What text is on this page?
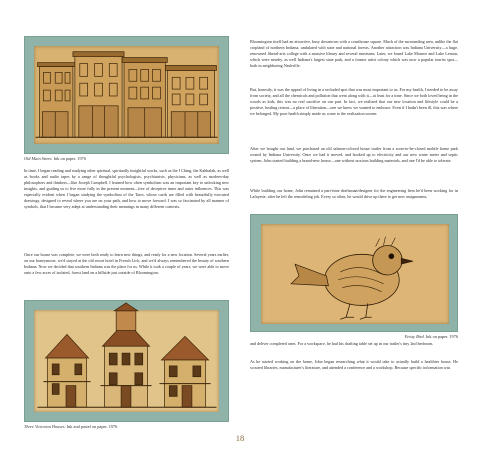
Old Main Street. Ink on paper. 1976

In time, I began reading and studying other spiritual, spiritually insightful works, such as the I Ching, the Kabbalah, as well as books and audio tapes by a range of thoughtful psychologists, psychiatrists, physicians, as well as modern-day philosophers and thinkers—like Joseph Campbell. I learned how often symbolism was an important key to unlocking new insights, and guiding us to live more fully in the present moment—free of deceptive inner and outer influences. This was especially evident when I began studying the symbolism of the Tarot, whose cards are filled with beautifully executed drawings, designed to reveal where you are on your path, and how to move forward. I was so fascinated by all manner of symbols, that I became very adept at understanding their meanings in many different contexts.

Once our house was complete, we were both ready to learn new things, and ready for a new location. Several years earlier, on our honeymoon, we'd stayed at the old resort hotel in French Lick, and we'd always remembered the beauty of southern Indiana. Now we decided that southern Indiana was the place for us. While it took a couple of years, we were able to move onto a few acres of isolated, forest land on a hillside just outside of Bloomington.

Three Victorian Houses. Ink and pastel on paper. 1976

Bloomington itself had an attractive, busy downtown with a courthouse square. Much of the surrounding area, unlike the flat cropland of northern Indiana, undulated with state and national forests. Another attraction was Indiana University—a huge, renowned liberal-arts college with a massive library and several museums. Later, we found Lake Monroe and Lake Lemon, which were nearby, as well Indiana's largest state park, and a former artist colony which was now a popular tourist spot—both in neighboring Nashville.

But, honestly, it was the appeal of living in a secluded spot that was most important to us. For my health, I needed to be away from society, and all the chemicals and pollution that went along with it—at least for a time. Since we both loved being in the woods as kids, this was no real sacrifice on our part. In fact, we realized that our new location and lifestyle could be a positive, healing retreat—a place of liberation—one we knew we wanted to embrace. Even if I hadn't been ill, this was where we belonged. My poor health simply made us come to the realization sooner.

After we bought our land, we purchased an old salmon-colored house trailer from a soon-to-be-closed mobile home park owned by Indiana University. Once we had it moved, and hooked up to electricity and our new water meter and septic system, John started building a brand-new house—one without noxious building materials, and one I'd be able to tolerate.

While building our home, John remained a part-time draftsman/designer for the engineering firm he'd been working for in Lafayette, after he left the remodeling job. Every so often, he would drive up there to get new assignments,

Feisty Bird. Ink on paper. 1976

and deliver completed ones. For a workspace, he had his drafting table set up in our trailer's tiny 2nd bedroom.

As he started working on the home, John began researching what it would take to actually build a healthier house. He scoured libraries, manufacturer's literature, and attended a conference and a workshop. Because specific information was

18
